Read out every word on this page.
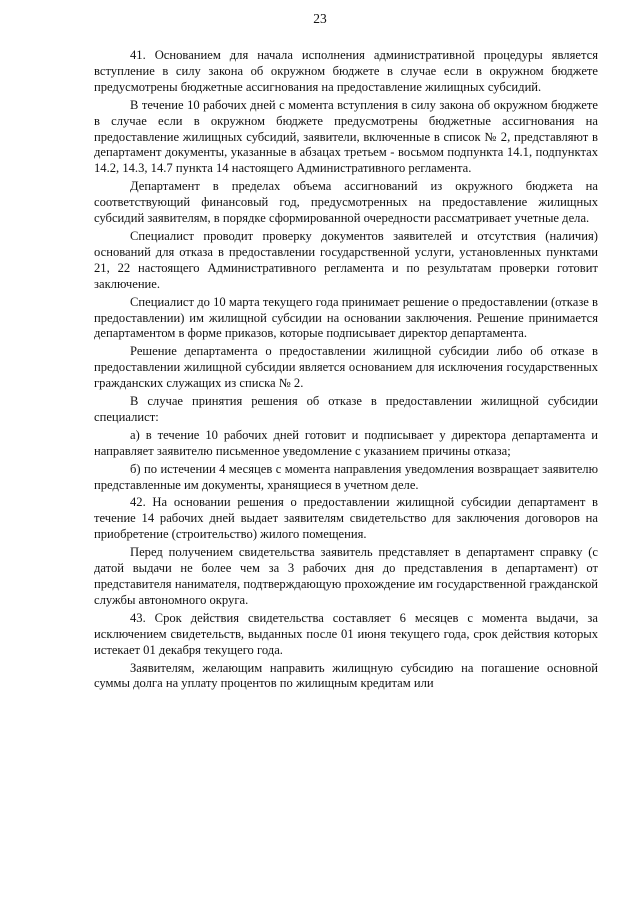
23

41. Основанием для начала исполнения административной процедуры является вступление в силу закона об окружном бюджете в случае если в окружном бюджете предусмотрены бюджетные ассигнования на предоставление жилищных субсидий.

В течение 10 рабочих дней с момента вступления в силу закона об окружном бюджете в случае если в окружном бюджете предусмотрены бюджетные ассигнования на предоставление жилищных субсидий, заявители, включенные в список № 2, представляют в департамент документы, указанные в абзацах третьем - восьмом подпункта 14.1, подпунктах 14.2, 14.3, 14.7 пункта 14 настоящего Административного регламента.

Департамент в пределах объема ассигнований из окружного бюджета на соответствующий финансовый год, предусмотренных на предоставление жилищных субсидий заявителям, в порядке сформированной очередности рассматривает учетные дела.

Специалист проводит проверку документов заявителей и отсутствия (наличия) оснований для отказа в предоставлении государственной услуги, установленных пунктами 21, 22 настоящего Административного регламента и по результатам проверки готовит заключение.

Специалист до 10 марта текущего года принимает решение о предоставлении (отказе в предоставлении) им жилищной субсидии на основании заключения. Решение принимается департаментом в форме приказов, которые подписывает директор департамента.

Решение департамента о предоставлении жилищной субсидии либо об отказе в предоставлении жилищной субсидии является основанием для исключения государственных гражданских служащих из списка № 2.

В случае принятия решения об отказе в предоставлении жилищной субсидии специалист:

а) в течение 10 рабочих дней готовит и подписывает у директора департамента и направляет заявителю письменное уведомление с указанием причины отказа;

б) по истечении 4 месяцев с момента направления уведомления возвращает заявителю представленные им документы, хранящиеся в учетном деле.

42. На основании решения о предоставлении жилищной субсидии департамент в течение 14 рабочих дней выдает заявителям свидетельство для заключения договоров на приобретение (строительство) жилого помещения.

Перед получением свидетельства заявитель представляет в департамент справку (с датой выдачи не более чем за 3 рабочих дня до представления в департамент) от представителя нанимателя, подтверждающую прохождение им государственной гражданской службы автономного округа.

43. Срок действия свидетельства составляет 6 месяцев с момента выдачи, за исключением свидетельств, выданных после 01 июня текущего года, срок действия которых истекает 01 декабря текущего года.

Заявителям, желающим направить жилищную субсидию на погашение основной суммы долга на уплату процентов по жилищным кредитам или
